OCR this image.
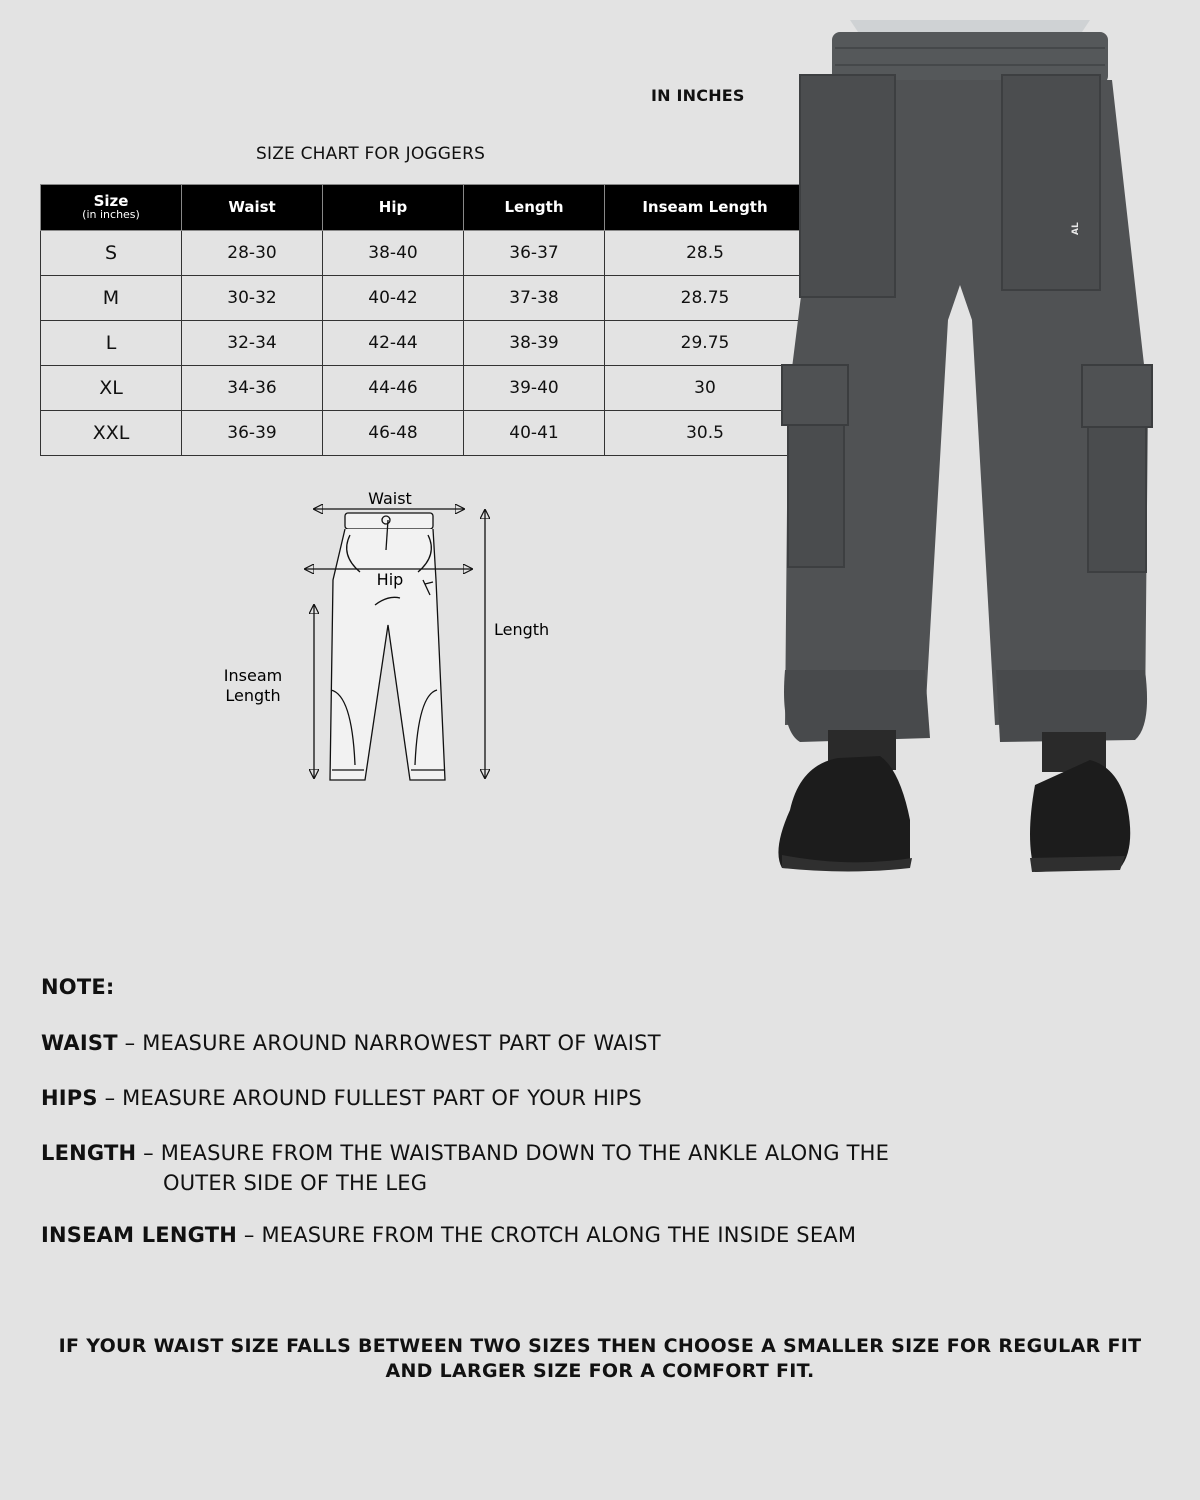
IN INCHES
SIZE CHART FOR JOGGERS
Size
(in inches)	Waist	Hip	Length	Inseam Length
S	28-30	38-40	36-37	28.5
M	30-32	40-42	37-38	28.75
L	32-34	42-44	38-39	29.75
XL	34-36	44-46	39-40	30
XXL	36-39	46-48	40-41	30.5
Waist
Hip
Length
Inseam
Length
AL
NOTE:
WAIST – MEASURE AROUND NARROWEST PART OF WAIST
HIPS – MEASURE AROUND FULLEST PART OF YOUR HIPS
LENGTH – MEASURE FROM THE WAISTBAND DOWN TO THE ANKLE ALONG THE
OUTER SIDE OF THE LEG
INSEAM LENGTH – MEASURE FROM THE CROTCH ALONG THE INSIDE SEAM
IF YOUR WAIST SIZE FALLS BETWEEN TWO SIZES THEN CHOOSE A SMALLER SIZE FOR REGULAR FIT AND LARGER SIZE FOR A COMFORT FIT.
